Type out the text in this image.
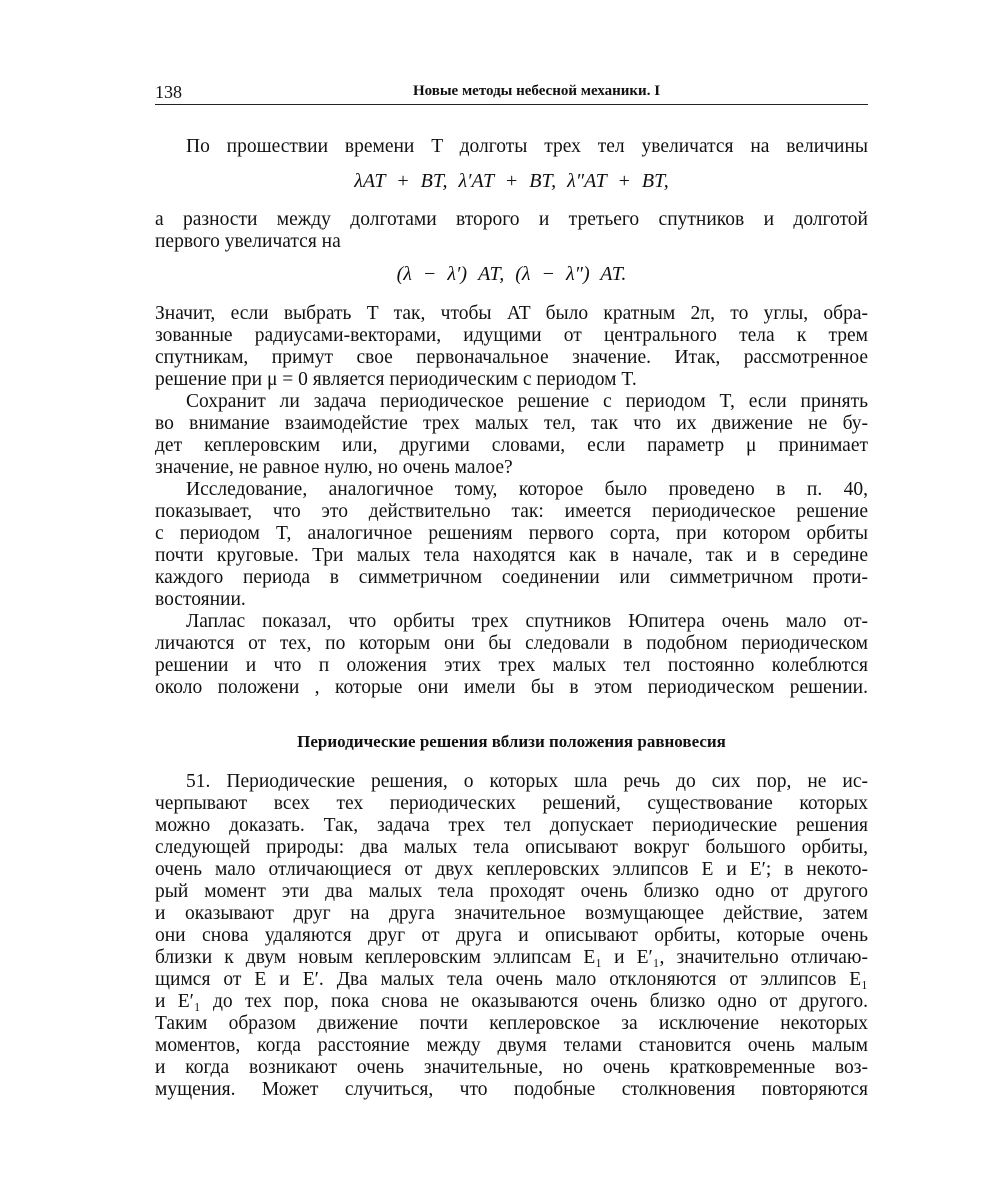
138	Новые методы небесной механики. I
По прошествии времени T долготы трех тел увеличатся на величины
λAT + BT, λ′AT + BT, λ″AT + BT,
а разности между долготами второго и третьего спутников и долготой
первого увеличатся на
(λ − λ′) AT, (λ − λ″) AT.
Значит, если выбрать T так, чтобы AT было кратным 2π, то углы, обра-
зованные радиусами-векторами, идущими от центрального тела к трем
спутникам, примут свое первоначальное значение. Итак, рассмотренное
решение при μ = 0 является периодическим с периодом T.
Сохранит ли задача периодическое решение с периодом T, если принять
во внимание взаимодейстие трех малых тел, так что их движение не бу-
дет кеплеровским или, другими словами, если параметр μ принимает
значение, не равное нулю, но очень малое?
Исследование, аналогичное тому, которое было проведено в п. 40,
показывает, что это действительно так: имеется периодическое решение
с периодом T, аналогичное решениям первого сорта, при котором орбиты
почти круговые. Три малых тела находятся как в начале, так и в середине
каждого периода в симметричном соединении или симметричном проти-
востоянии.
Лаплас показал, что орбиты трех спутников Юпитера очень мало от-
личаются от тех, по которым они бы следовали в подобном периодическом
решении и что п оложения этих трех малых тел постоянно колеблются
около положени , которые они имели бы в этом периодическом решении.
Периодические решения вблизи положения равновесия
51. Периодические решения, о которых шла речь до сих пор, не ис-
черпывают всех тех периодических решений, существование которых
можно доказать. Так, задача трех тел допускает периодические решения
следующей природы: два малых тела описывают вокруг большого орбиты,
очень мало отличающиеся от двух кеплеровских эллипсов E и E′; в некото-
рый момент эти два малых тела проходят очень близко одно от другого
и оказывают друг на друга значительное возмущающее действие, затем
они снова удаляются друг от друга и описывают орбиты, которые очень
близки к двум новым кеплеровским эллипсам E₁ и E′₁, значительно отличаю-
щимся от E и E′. Два малых тела очень мало отклоняются от эллипсов E₁
и E′₁ до тех пор, пока снова не оказываются очень близко одно от другого.
Таким образом движение почти кеплеровское за исключение некоторых
моментов, когда расстояние между двумя телами становится очень малым
и когда возникают очень значительные, но очень кратковременные воз-
мущения. Может случиться, что подобные столкновения повторяются
